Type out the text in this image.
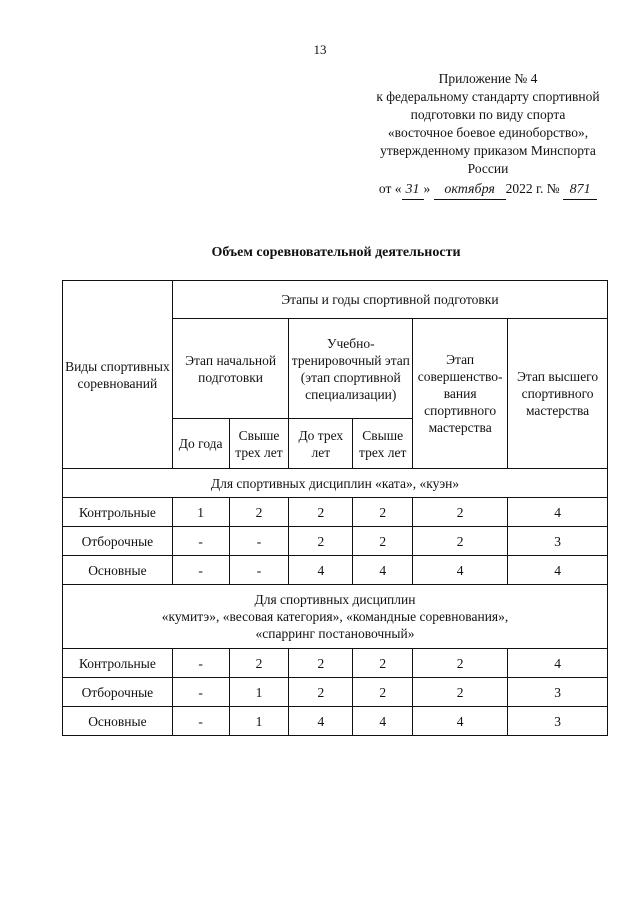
13
Приложение № 4
к федеральному стандарту спортивной
подготовки по виду спорта
«восточное боевое единоборство»,
утвержденному приказом Минспорта
России
от « 31 » октября 2022 г. № 871
Объем соревновательной деятельности
Виды спортивных соревнований	Этапы и годы спортивной подготовки					
	Этап начальной подготовки		Учебно-тренировочный этап (этап спортивной специализации)		Этап совершенство-вания спортивного мастерства	Этап высшего спортивного мастерства
	До года	Свыше трех лет	До трех лет	Свыше трех лет		
Для спортивных дисциплин «ката», «куэн»						
Контрольные	1	2	2	2	2	4
Отборочные	-	-	2	2	2	3
Основные	-	-	4	4	4	4

Для спортивных дисциплин
«кумитэ», «весовая категория», «командные соревнования»,
«спарринг постановочный»						

Контрольные	-	2	2	2	2	4
Отборочные	-	1	2	2	2	3
Основные	-	1	4	4	4	3
